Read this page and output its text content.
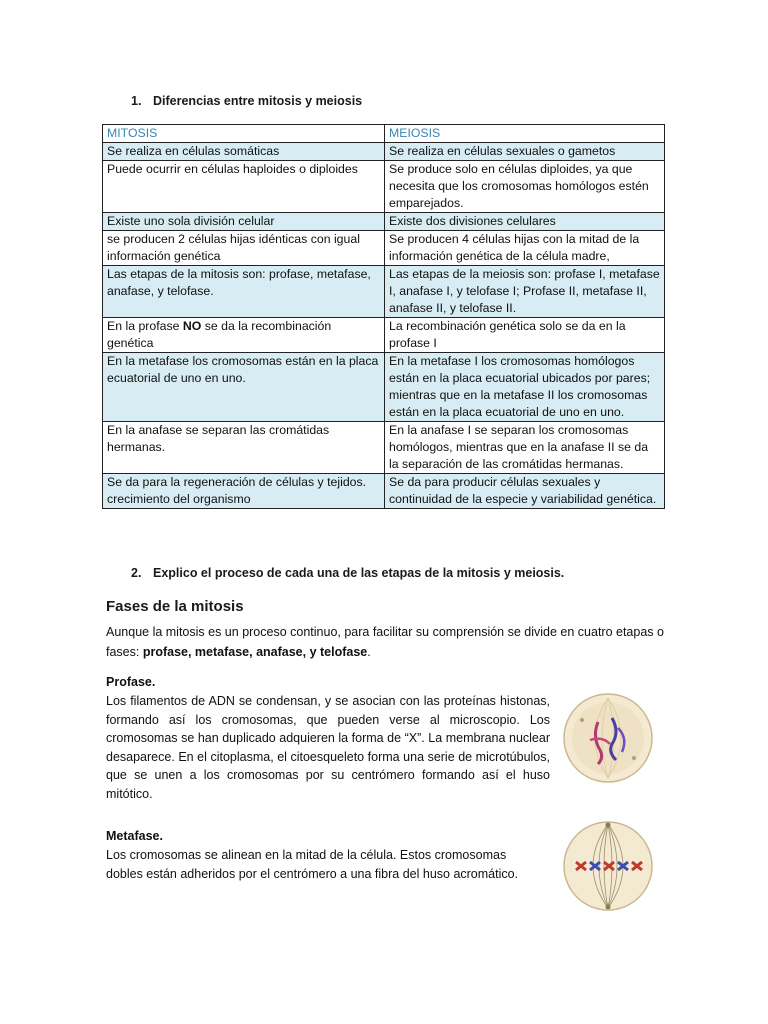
1. Diferencias entre mitosis y meiosis
MITOSIS	MEIOSIS
Se realiza en células somáticas	Se realiza en células sexuales o gametos
Puede ocurrir en células haploides o diploides	Se produce solo en células diploides, ya que necesita que los cromosomas homólogos estén emparejados.
Existe uno sola división celular	Existe dos divisiones celulares
se producen 2 células hijas idénticas con igual información genética	Se producen 4 células hijas con la mitad de la información genética de la célula madre,
Las etapas de la mitosis son: profase, metafase, anafase, y telofase.	Las etapas de la meiosis son: profase I, metafase I, anafase I, y telofase I; Profase II, metafase II, anafase II, y telofase II.
En la profase NO se da la recombinación genética	La recombinación genética solo se da en la profase I
En la metafase los cromosomas están en la placa ecuatorial de uno en uno.	En la metafase I los cromosomas homólogos están en la placa ecuatorial ubicados por pares; mientras que en la metafase II los cromosomas están en la placa ecuatorial de uno en uno.
En la anafase se separan las cromátidas hermanas.	En la anafase I se separan los cromosomas homólogos, mientras que en la anafase II se da la separación de las cromátidas hermanas.
Se da para la regeneración de células y tejidos. crecimiento del organismo	Se da para producir células sexuales y continuidad de la especie y variabilidad genética.
2. Explico el proceso de cada una de las etapas de la mitosis y meiosis.
Fases de la mitosis
Aunque la mitosis es un proceso continuo, para facilitar su comprensión se divide en cuatro etapas o fases: profase, metafase, anafase, y telofase.
Profase.
Los filamentos de ADN se condensan, y se asocian con las proteínas histonas, formando así los cromosomas, que pueden verse al microscopio. Los cromosomas se han duplicado adquieren la forma de “X”. La membrana nuclear desaparece. En el citoplasma, el citoesqueleto forma una serie de microtúbulos, que se unen a los cromosomas por su centrómero formando así el huso mitótico.
Metafase.
Los cromosomas se alinean en la mitad de la célula. Estos cromosomas dobles están adheridos por el centrómero a una fibra del huso acromático.
